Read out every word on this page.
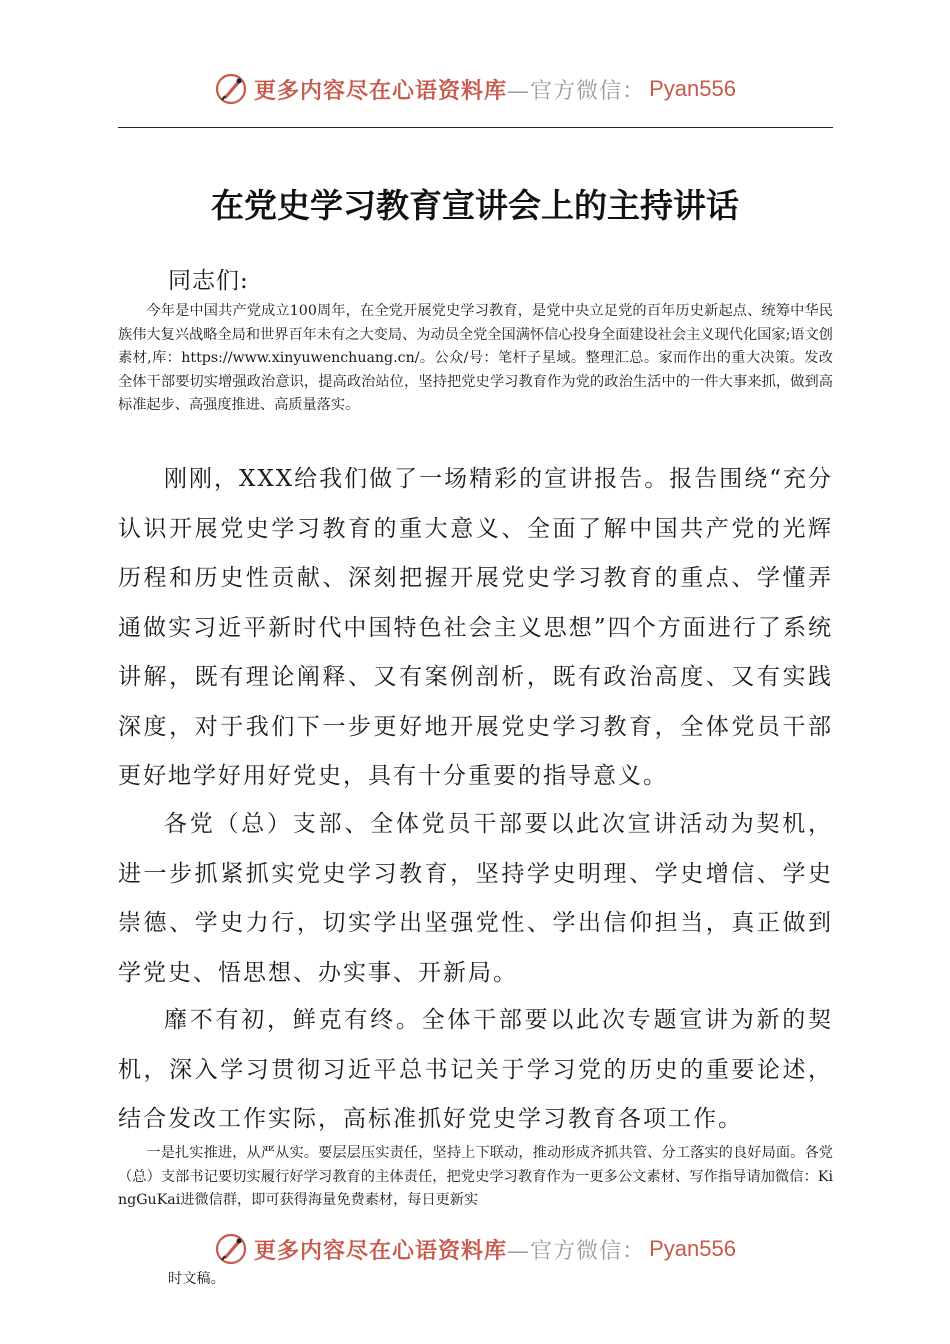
更多内容尽在心语资料库 —官方微信： Pyan556
在党史学习教育宣讲会上的主持讲话
同志们:
今年是中国共产党成立100周年，在全党开展党史学习教育，是党中央立足党的百年历史新起点、统筹中华民族伟大复兴战略全局和世界百年未有之大变局、为动员全党全国满怀信心投身全面建设社会主义现代化国家;语文创素材,库：https://www.xinyuwenchuang.cn/。公众/号：笔杆子星域。整理汇总。家而作出的重大决策。发改全体干部要切实增强政治意识，提高政治站位，坚持把党史学习教育作为党的政治生活中的一件大事来抓，做到高标准起步、高强度推进、高质量落实。
刚刚，XXX给我们做了一场精彩的宣讲报告。报告围绕“充分认识开展党史学习教育的重大意义、全面了解中国共产党的光辉历程和历史性贡献、深刻把握开展党史学习教育的重点、学懂弄通做实习近平新时代中国特色社会主义思想”四个方面进行了系统讲解，既有理论阐释、又有案例剖析，既有政治高度、又有实践深度，对于我们下一步更好地开展党史学习教育，全体党员干部更好地学好用好党史，具有十分重要的指导意义。
各党（总）支部、全体党员干部要以此次宣讲活动为契机，进一步抓紧抓实党史学习教育，坚持学史明理、学史增信、学史崇德、学史力行，切实学出坚强党性、学出信仰担当，真正做到学党史、悟思想、办实事、开新局。
靡不有初，鲜克有终。全体干部要以此次专题宣讲为新的契机，深入学习贯彻习近平总书记关于学习党的历史的重要论述，结合发改工作实际，高标准抓好党史学习教育各项工作。
一是扎实推进，从严从实。要层层压实责任，坚持上下联动，推动形成齐抓共管、分工落实的良好局面。各党（总）支部书记要切实履行好学习教育的主体责任，把党史学习教育作为一更多公文素材、写作指导请加微信：KingGuKai进微信群，即可获得海量免费素材，每日更新实
更多内容尽在心语资料库 —官方微信： Pyan556
时文稿。
